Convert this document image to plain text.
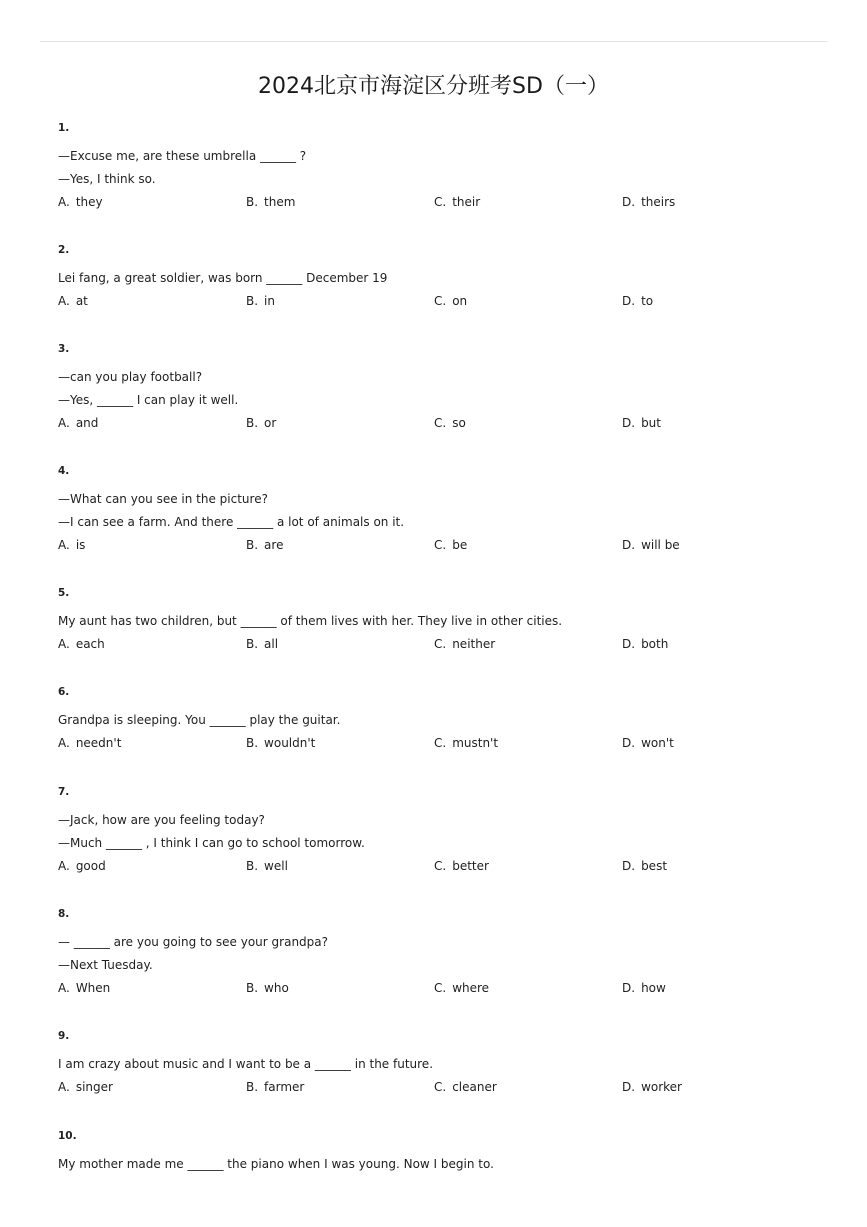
2024北京市海淀区分班考SD（一）
1.
—Excuse me, are these umbrella ______ ?
—Yes, I think so.
A. they	B. them	C. their	D. theirs
2.
Lei fang, a great soldier, was born ______ December 19
A. at	B. in	C. on	D. to
3.
—can you play football?
—Yes, ______ I can play it well.
A. and	B. or	C. so	D. but
4.
—What can you see in the picture?
—I can see a farm. And there ______ a lot of animals on it.
A. is	B. are	C. be	D. will be
5.
My aunt has two children, but ______ of them lives with her. They live in other cities.
A. each	B. all	C. neither	D. both
6.
Grandpa is sleeping. You ______ play the guitar.
A. needn't	B. wouldn't	C. mustn't	D. won't
7.
—Jack, how are you feeling today?
—Much ______ , I think I can go to school tomorrow.
A. good	B. well	C. better	D. best
8.
— ______ are you going to see your grandpa?
—Next Tuesday.
A. When	B. who	C. where	D. how
9.
I am crazy about music and I want to be a ______ in the future.
A. singer	B. farmer	C. cleaner	D. worker
10.
My mother made me ______ the piano when I was young. Now I begin to.
